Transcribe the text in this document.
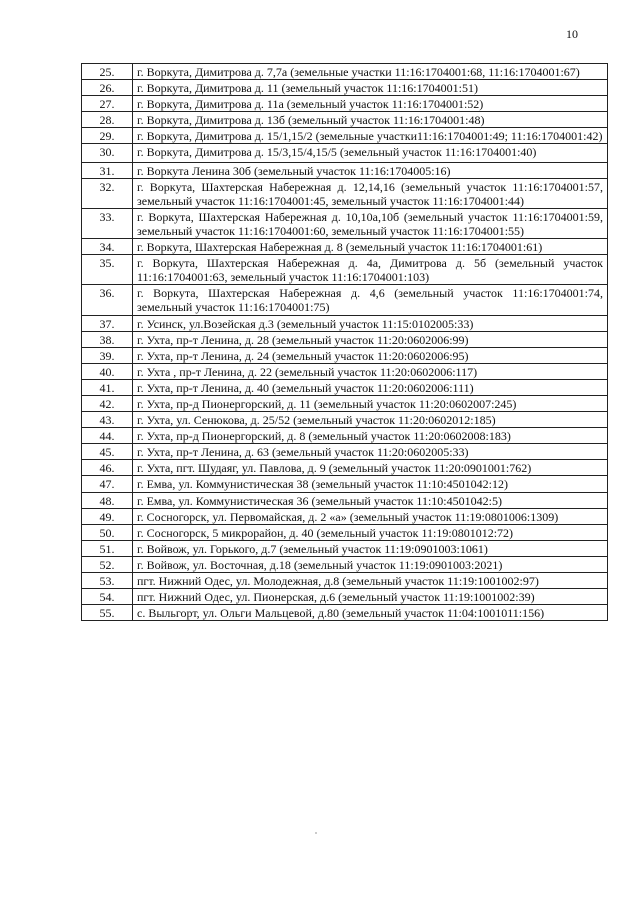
10
25.	г. Воркута, Димитрова д. 7,7а (земельные участки 11:16:1704001:68, 11:16:1704001:67)
26.	г. Воркута, Димитрова д. 11 (земельный участок 11:16:1704001:51)
27.	г. Воркута, Димитрова д. 11а (земельный участок 11:16:1704001:52)
28.	г. Воркута, Димитрова д. 13б (земельный участок 11:16:1704001:48)
29.	г. Воркута, Димитрова д. 15/1,15/2 (земельные участки11:16:1704001:49; 11:16:1704001:42)
30.	г. Воркута, Димитрова д. 15/3,15/4,15/5 (земельный участок 11:16:1704001:40)
31.	г. Воркута Ленина 30б (земельный участок 11:16:1704005:16)
32.	г. Воркута, Шахтерская Набережная д. 12,14,16 (земельный участок 11:16:1704001:57, земельный участок 11:16:1704001:45, земельный участок 11:16:1704001:44)
33.	г. Воркута, Шахтерская Набережная д. 10,10а,10б (земельный участок 11:16:1704001:59, земельный участок 11:16:1704001:60, земельный участок 11:16:1704001:55)
34.	г. Воркута, Шахтерская Набережная д. 8 (земельный участок 11:16:1704001:61)
35.	г. Воркута, Шахтерская Набережная д. 4а, Димитрова д. 5б (земельный участок 11:16:1704001:63, земельный участок 11:16:1704001:103)
36.	г. Воркута, Шахтерская Набережная д. 4,6 (земельный участок 11:16:1704001:74, земельный участок 11:16:1704001:75)
37.	г. Усинск, ул.Возейская д.3 (земельный участок 11:15:0102005:33)
38.	г. Ухта, пр-т Ленина, д. 28 (земельный участок 11:20:0602006:99)
39.	г. Ухта, пр-т Ленина, д. 24 (земельный участок 11:20:0602006:95)
40.	г. Ухта , пр-т Ленина, д. 22 (земельный участок 11:20:0602006:117)
41.	г. Ухта, пр-т Ленина, д. 40 (земельный участок 11:20:0602006:111)
42.	г. Ухта, пр-д Пионергорский, д. 11 (земельный участок 11:20:0602007:245)
43.	г. Ухта, ул. Сенюкова, д. 25/52 (земельный участок 11:20:0602012:185)
44.	г. Ухта, пр-д Пионергорский, д. 8 (земельный участок 11:20:0602008:183)
45.	г. Ухта, пр-т Ленина, д. 63 (земельный участок 11:20:0602005:33)
46.	г. Ухта, пгт. Шудаяг, ул. Павлова, д. 9 (земельный участок 11:20:0901001:762)
47.	г. Емва, ул. Коммунистическая 38 (земельный участок 11:10:4501042:12)
48.	г. Емва, ул. Коммунистическая 36 (земельный участок 11:10:4501042:5)
49.	г. Сосногорск, ул. Первомайская, д. 2 «а» (земельный участок 11:19:0801006:1309)
50.	г. Сосногорск, 5 микрорайон, д. 40 (земельный участок 11:19:0801012:72)
51.	г. Войвож, ул. Горького, д.7 (земельный участок 11:19:0901003:1061)
52.	г. Войвож, ул. Восточная, д.18 (земельный участок 11:19:0901003:2021)
53.	пгт. Нижний Одес, ул. Молодежная, д.8 (земельный участок 11:19:1001002:97)
54.	пгт. Нижний Одес, ул. Пионерская, д.6 (земельный участок 11:19:1001002:39)
55.	с. Выльгорт, ул. Ольги Мальцевой, д.80 (земельный участок 11:04:1001011:156)
